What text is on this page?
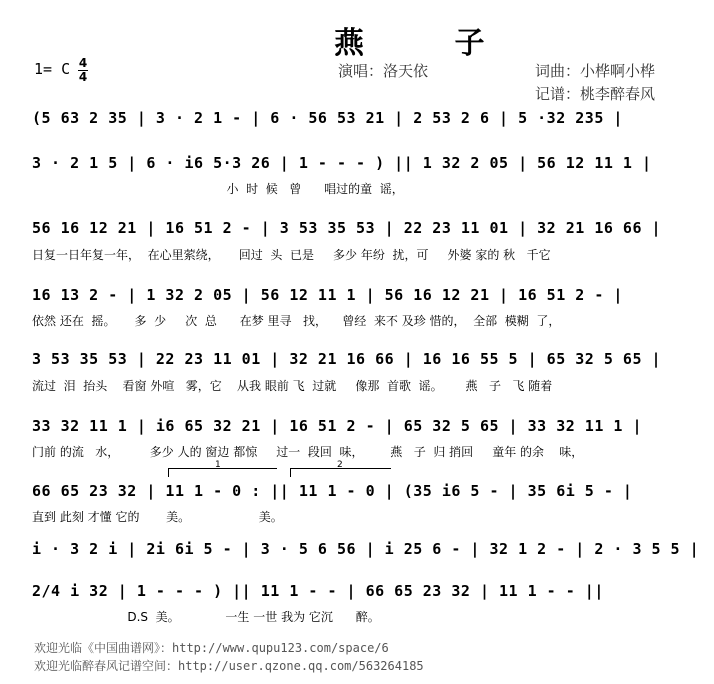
燕 子
1= C 4
4	演唱：洛天依	词曲：小桦啊小桦
记谱：桃李醉春风
(5 63 2 35 | 3 · 2 1 - | 6 · 56 53 21 | 2 53 2 6 | 5 ·32 235 |
3 · 2 1 5 | 6 · i6 5·3 26 | 1 - - - ) || 1 32 2 05 | 56 12 11 1 |
小  时  候   曾      唱过的童  谣，
56 16 12 21 | 16 51 2 - | 3 53 35 53 | 22 23 11 01 | 32 21 16 66 |
日复一日年复一年，  在心里萦绕，     回过  头  已是     多少 年纷  扰，可     外婆 家的 秋   千它
16 13 2 - | 1 32 2 05 | 56 12 11 1 | 56 16 12 21 | 16 51 2 - |
依然 还在  摇。     多  少     次  总      在梦 里寻   找，    曾经  来不 及珍 惜的，  全部  模糊  了，
3 53 35 53 | 22 23 11 01 | 32 21 16 66 | 16 16 55 5 | 65 32 5 65 |
流过  泪  抬头    看窗 外喧   雾，它    从我 眼前 飞  过就     像那  首歌  谣。      燕   子   飞 随着
33 32 11 1 | i6 65 32 21 | 16 51 2 - | 65 32 5 65 | 33 32 11 1 |
门前 的流   水，        多少 人的 窗边 都惊     过一  段回  味，       燕   子  归 捎回     童年 的余    味，
1	2
66 65 23 32 | 11 1 - 0 : || 11 1 - 0 | (35 i6 5 - | 35 6i 5 - |
直到 此刻 才懂 它的       美。                  美。
i · 3 2 i | 2i 6i 5 - | 3 · 5 6 56 | i 25 6 - | 32 1 2 - | 2 · 3 5 5 |
2/4 i 32 | 1 - - - ) || 11 1 - - | 66 65 23 32 | 11 1 - - ||
D.S  美。            一生 一世 我为 它沉      醉。
欢迎光临《中国曲谱网》：http://www.qupu123.com/space/6
欢迎光临醉春风记谱空间：http://user.qzone.qq.com/563264185
